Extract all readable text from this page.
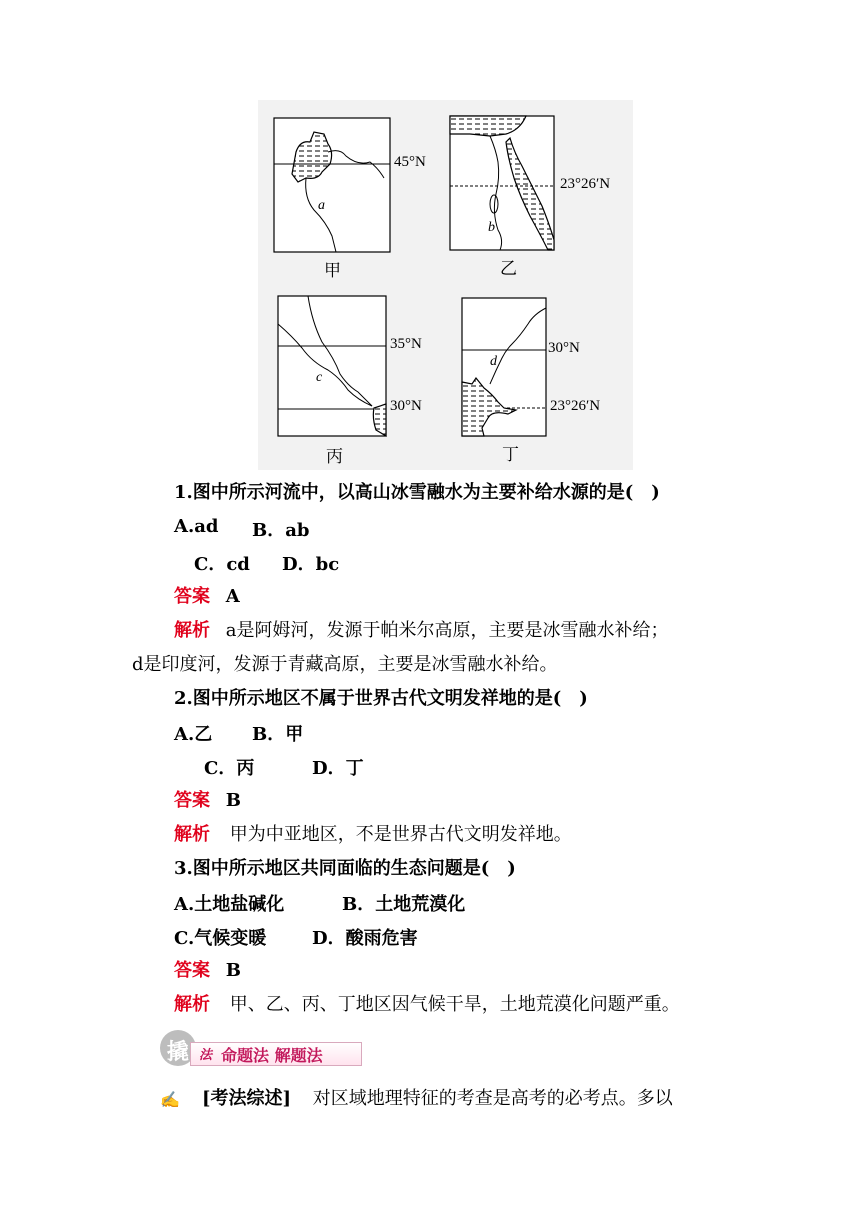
45°N
a
甲
23°26′N
b
乙
35°N
30°N
c
丙
30°N
23°26′N
d
丁
1.图中所示河流中，以高山冰雪融水为主要补给水源的是(　)
A.ad B．ab
C．cd D．bc
答案 A
解析 a是阿姆河，发源于帕米尔高原，主要是冰雪融水补给；
d是印度河，发源于青藏高原，主要是冰雪融水补给。
2.图中所示地区不属于世界古代文明发祥地的是(　)
A.乙 B．甲
C．丙	D．丁
答案 B
解析 甲为中亚地区，不是世界古代文明发祥地。
3.图中所示地区共同面临的生态问题是(　)
A.土地盐碱化	B．土地荒漠化
C.气候变暖	D．酸雨危害
答案 B
解析 甲、乙、丙、丁地区因气候干旱，土地荒漠化问题严重。
撬 法 命题法 解题法
✍ [考法综述] 对区域地理特征的考查是高考的必考点。多以
